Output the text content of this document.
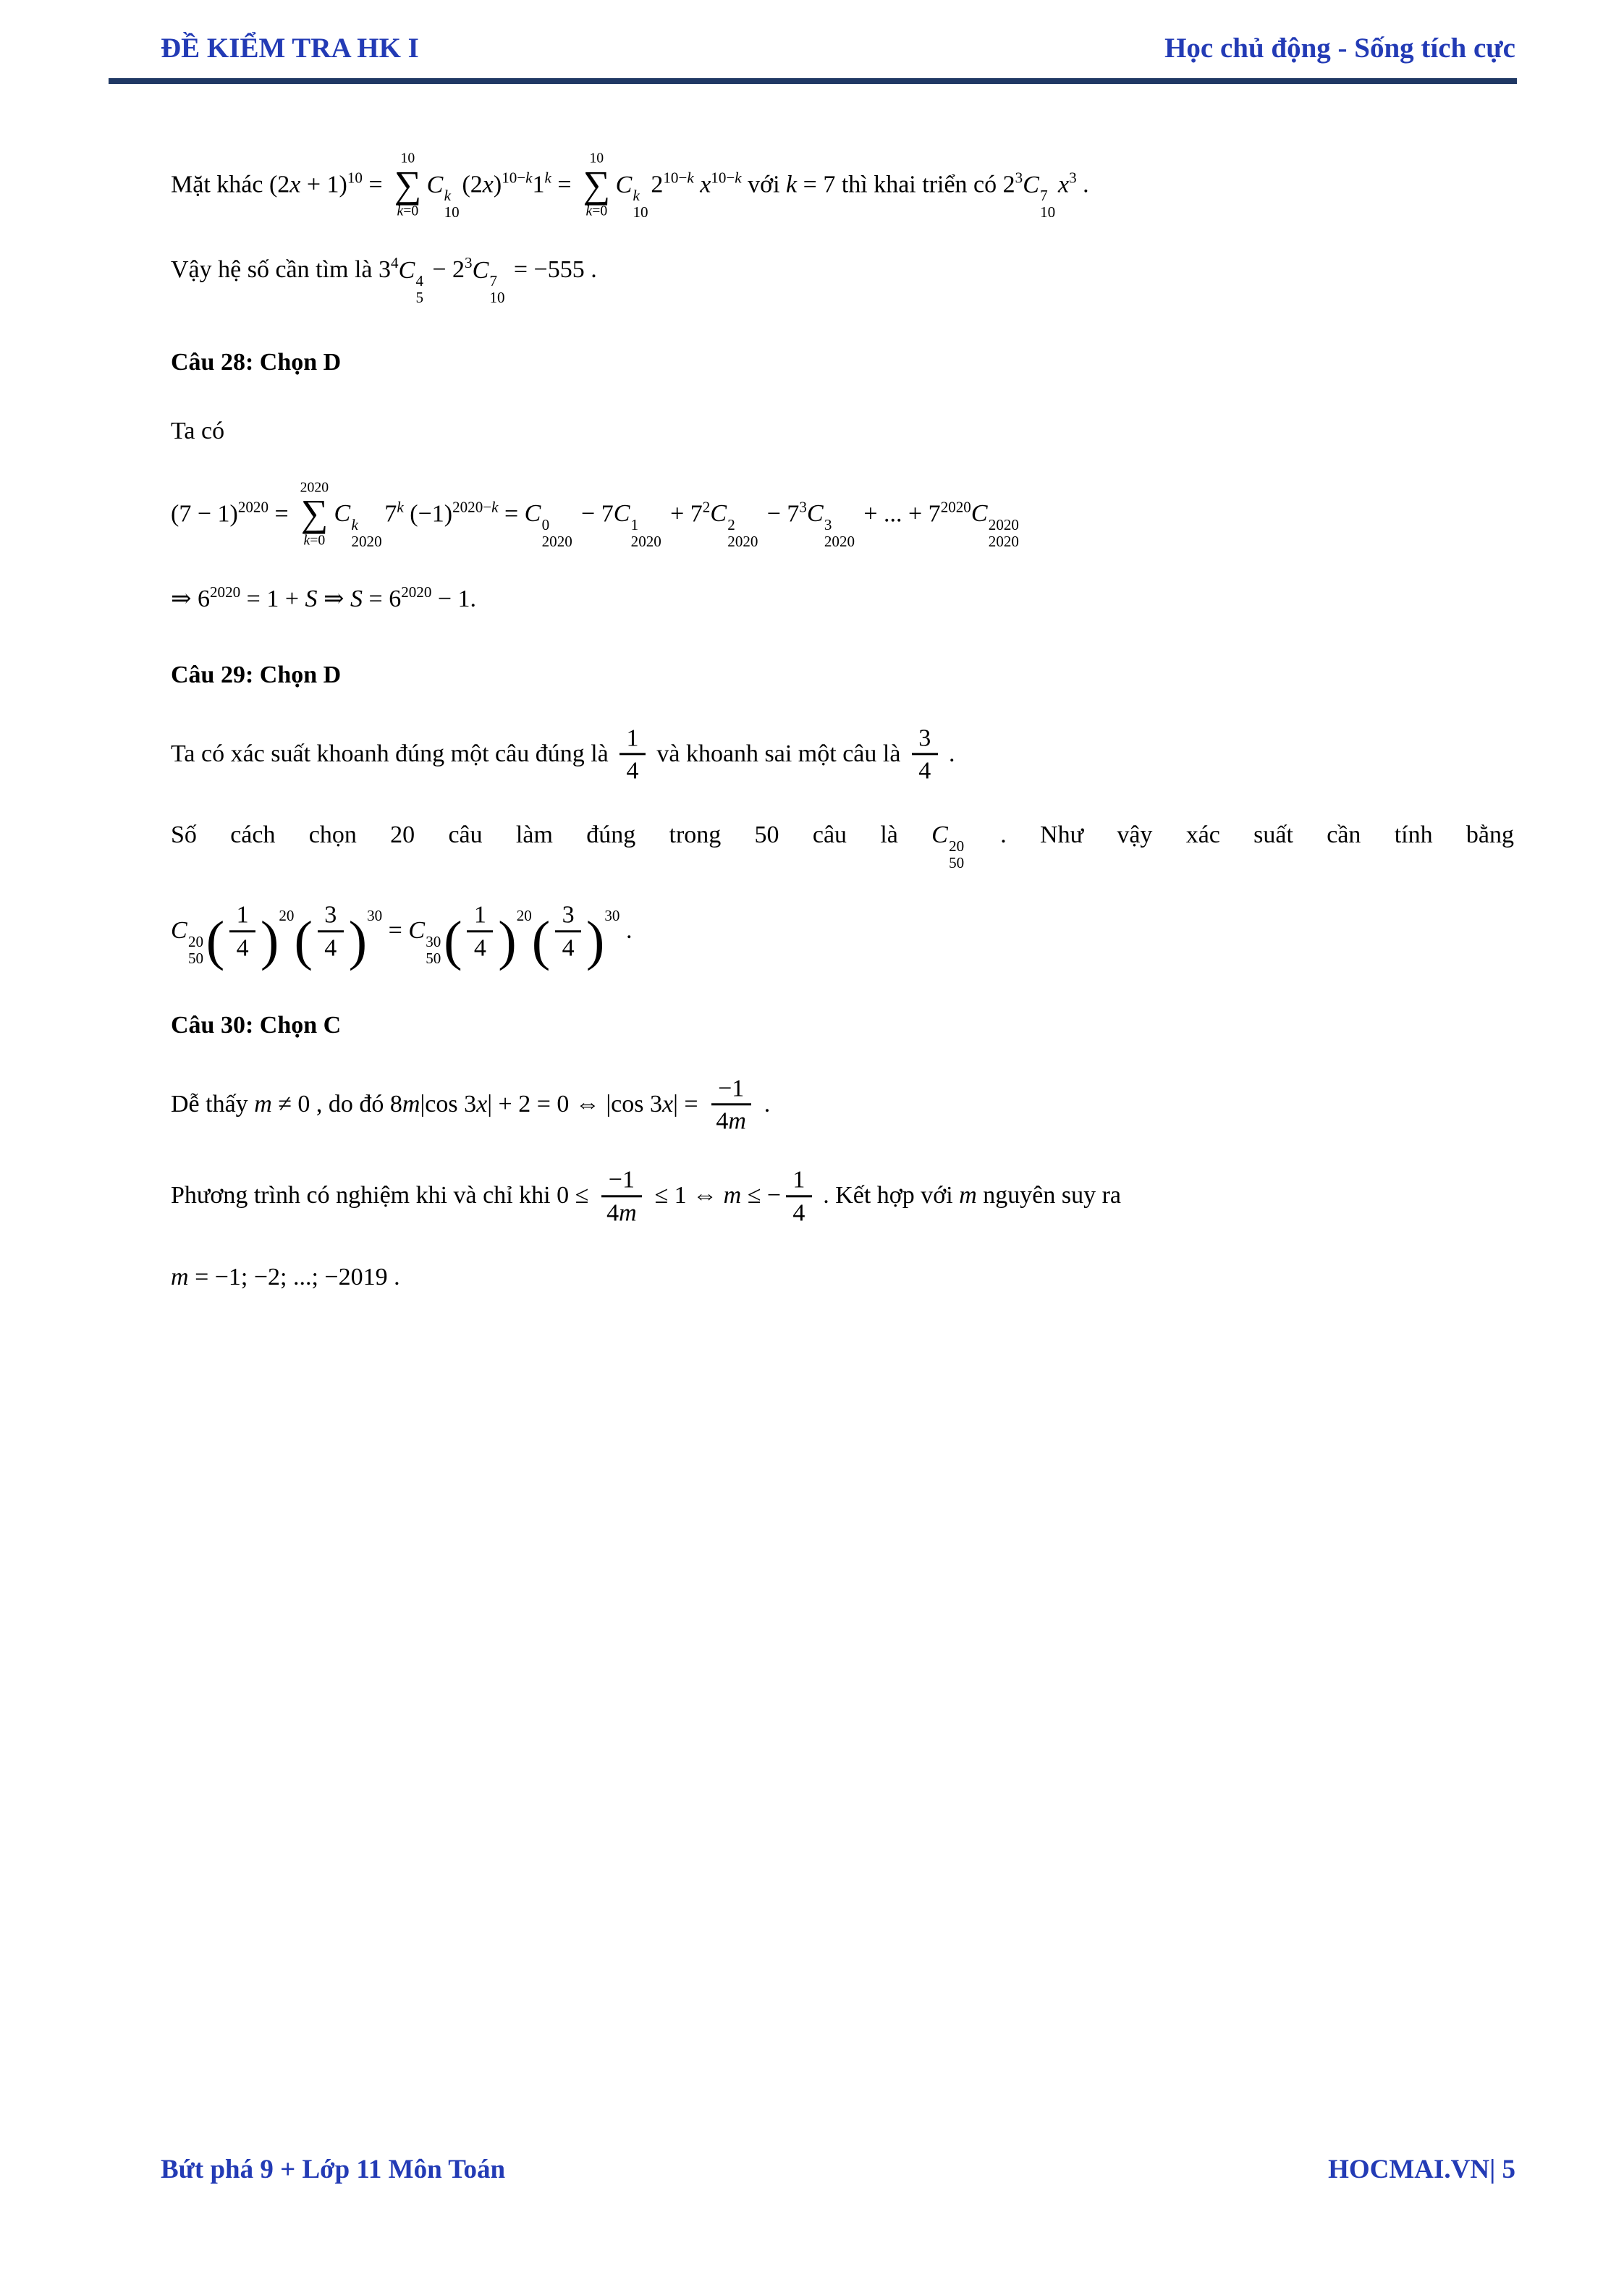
ĐỀ KIỂM TRA HK I	Học chủ động - Sống tích cực
Mặt khác $(2x + 1)^{10}$ =
10
∑
k=0
C k
10
$(2x)^{10-k}1^k$ =
10
∑
k=0
C k
10
$2^{10-k}$ $x^{10-k}$ với k = 7 thì khai triển có $2^3C$ 7
10
$x^3$ .
Vậy hệ số cần tìm là $3^4C$ 4
5
− $2^3C$ 7
10
= −555 .
Câu 28: Chọn D
Ta có
$(7 - 1)^{2020}$ =
2020
∑
k=0
C k
2020
7$^k$ $(-1)^{2020-k} = C$ 0
2020
− 7C 1
2020
+ $7^2C$ 2
2020
− $7^3C$ 3
2020
+ ... + $7^{2020}C$ 2020
2020
⇒ $6^{2020} = 1 + S$ ⇒ $S = 6^{2020} - 1$.
Câu 29: Chọn D
Ta có xác suất khoanh đúng một câu đúng là $\frac{1}{4}$ và khoanh sai một câu là $\frac{3}{4}$ .
Số cách chọn 20 câu làm đúng trong 50 câu là C 20
50
. Như vậy xác suất cần tính bằng
C 20
50 ( $\frac{1}{4} )^{20}( \frac{3}{4} )^{30} = C$ 30
50 ( $\frac{1}{4} )^{20}( \frac{3}{4} )^{30}$ .
Câu 30: Chọn C
Dễ thấy m ≠ 0 , do đó 8m|cos 3x| + 2 = 0 ⇔ |cos $3x| = \frac{-1}{4m}$ .
Phương trình có nghiệm khi và chỉ khi $0 \le \frac{-1}{4m} \le 1$ ⇔ m ≤ − $\frac{1}{4}$ . Kết hợp với m nguyên suy ra
m = −1; −2; ...; −2019 .
Bứt phá 9 + Lớp 11 Môn Toán	HOCMAI.VN| 5
